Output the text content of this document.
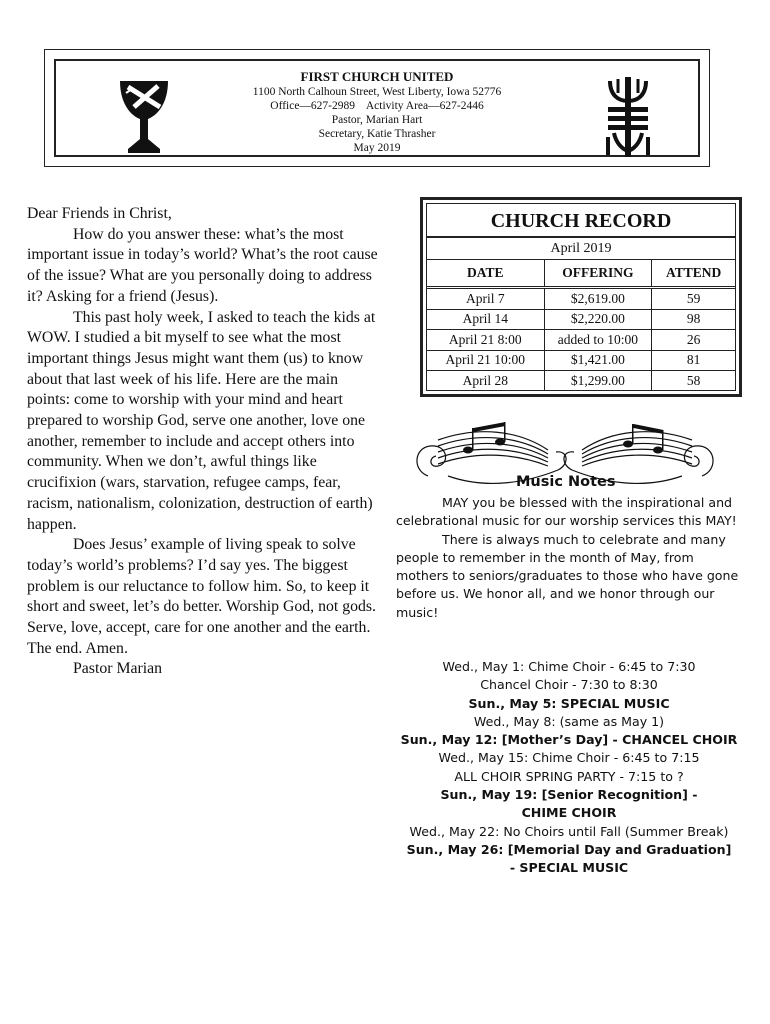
FIRST CHURCH UNITED
1100 North Calhoun Street, West Liberty, Iowa 52776
Office—627-2989    Activity Area—627-2446
Pastor, Marian Hart
Secretary, Katie Thrasher
May 2019

Dear Friends in Christ,

How do you answer these: what’s the most important issue in today’s world? What’s the root cause of the issue? What are you personally doing to address it? Asking for a friend (Jesus).

This past holy week, I asked to teach the kids at WOW. I studied a bit myself to see what the most important things Jesus might want them (us) to know about that last week of his life. Here are the main points: come to worship with your mind and heart prepared to worship God, serve one another, love one another, remember to include and accept others into community. When we don’t, awful things like crucifixion (wars, starvation, refugee camps, fear, racism, nationalism, colonization, destruction of earth) happen.

Does Jesus’ example of living speak to solve today’s world’s problems? I’d say yes. The biggest problem is our reluctance to follow him. So, to keep it short and sweet, let’s do better. Worship God, not gods. Serve, love, accept, care for one another and the earth. The end. Amen.

Pastor Marian

CHURCH RECORD
April 2019
DATE	OFFERING	ATTEND
April 7	$2,619.00	59
April 14	$2,220.00	98
April 21 8:00	added to 10:00	26
April 21 10:00	$1,421.00	81
April 28	$1,299.00	58
Music Notes

MAY you be blessed with the inspirational and celebrational music for our worship services this MAY!

There is always much to celebrate and many people to remember in the month of May, from mothers to seniors/graduates to those who have gone before us. We honor all, and we honor through our music!

Wed., May 1: Chime Choir - 6:45 to 7:30
Chancel Choir - 7:30 to 8:30
Sun., May 5: SPECIAL MUSIC
Wed., May 8: (same as May 1)
Sun., May 12: [Mother’s Day] - CHANCEL CHOIR
Wed., May 15: Chime Choir - 6:45 to 7:15
ALL CHOIR SPRING PARTY - 7:15 to ?
Sun., May 19: [Senior Recognition] - CHIME CHOIR
Wed., May 22: No Choirs until Fall (Summer Break)
Sun., May 26: [Memorial Day and Graduation] - SPECIAL MUSIC
